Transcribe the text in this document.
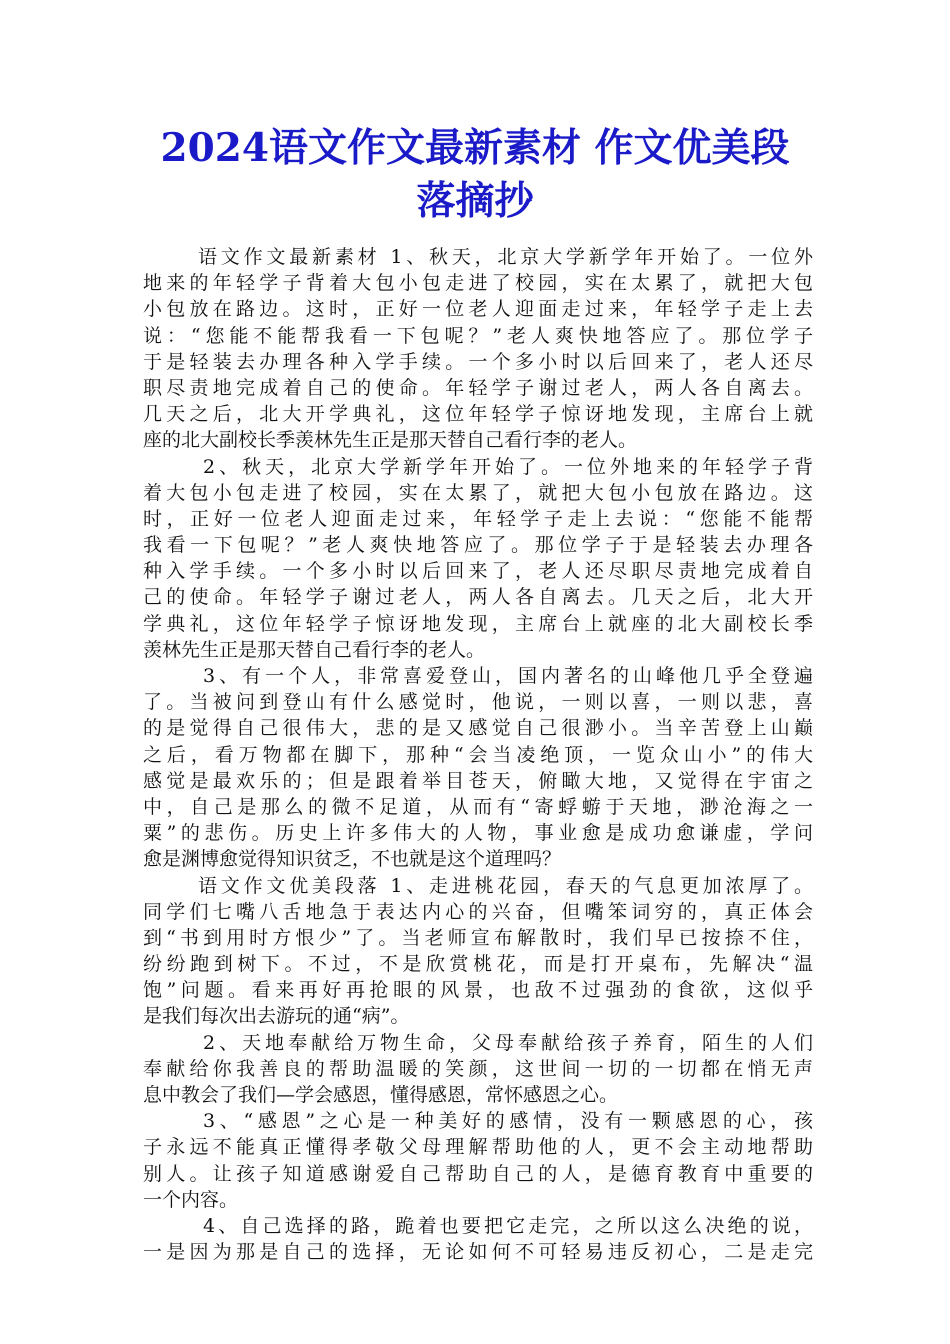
2024语文作文最新素材 作文优美段
落摘抄
语文作文最新素材 1、秋天，北京大学新学年开始了。一位外
地来的年轻学子背着大包小包走进了校园，实在太累了，就把大包
小包放在路边。这时，正好一位老人迎面走过来，年轻学子走上去
说：“您能不能帮我看一下包呢？”老人爽快地答应了。那位学子
于是轻装去办理各种入学手续。一个多小时以后回来了，老人还尽
职尽责地完成着自己的使命。年轻学子谢过老人，两人各自离去。
几天之后，北大开学典礼，这位年轻学子惊讶地发现，主席台上就
座的北大副校长季羡林先生正是那天替自己看行李的老人。
2、秋天，北京大学新学年开始了。一位外地来的年轻学子背
着大包小包走进了校园，实在太累了，就把大包小包放在路边。这
时，正好一位老人迎面走过来，年轻学子走上去说：“您能不能帮
我看一下包呢？”老人爽快地答应了。那位学子于是轻装去办理各
种入学手续。一个多小时以后回来了，老人还尽职尽责地完成着自
己的使命。年轻学子谢过老人，两人各自离去。几天之后，北大开
学典礼，这位年轻学子惊讶地发现，主席台上就座的北大副校长季
羡林先生正是那天替自己看行李的老人。
3、有一个人，非常喜爱登山，国内著名的山峰他几乎全登遍
了。当被问到登山有什么感觉时，他说，一则以喜，一则以悲，喜
的是觉得自己很伟大，悲的是又感觉自己很渺小。当辛苦登上山巅
之后，看万物都在脚下，那种“会当凌绝顶，一览众山小”的伟大
感觉是最欢乐的；但是跟着举目苍天，俯瞰大地，又觉得在宇宙之
中，自己是那么的微不足道，从而有“寄蜉蝣于天地，渺沧海之一
粟”的悲伤。历史上许多伟大的人物，事业愈是成功愈谦虚，学问
愈是渊博愈觉得知识贫乏，不也就是这个道理吗？
语文作文优美段落 1、走进桃花园，春天的气息更加浓厚了。
同学们七嘴八舌地急于表达内心的兴奋，但嘴笨词穷的，真正体会
到“书到用时方恨少”了。当老师宣布解散时，我们早已按捺不住，
纷纷跑到树下。不过，不是欣赏桃花，而是打开桌布，先解决“温
饱”问题。看来再好再抢眼的风景，也敌不过强劲的食欲，这似乎
是我们每次出去游玩的通“病”。
2、天地奉献给万物生命，父母奉献给孩子养育，陌生的人们
奉献给你我善良的帮助温暖的笑颜，这世间一切的一切都在悄无声
息中教会了我们—学会感恩，懂得感恩，常怀感恩之心。
3、“感恩”之心是一种美好的感情，没有一颗感恩的心，孩
子永远不能真正懂得孝敬父母理解帮助他的人，更不会主动地帮助
别人。让孩子知道感谢爱自己帮助自己的人，是德育教育中重要的
一个内容。
4、自己选择的路，跪着也要把它走完，之所以这么决绝的说，
一是因为那是自己的选择，无论如何不可轻易违反初心，二是走完
